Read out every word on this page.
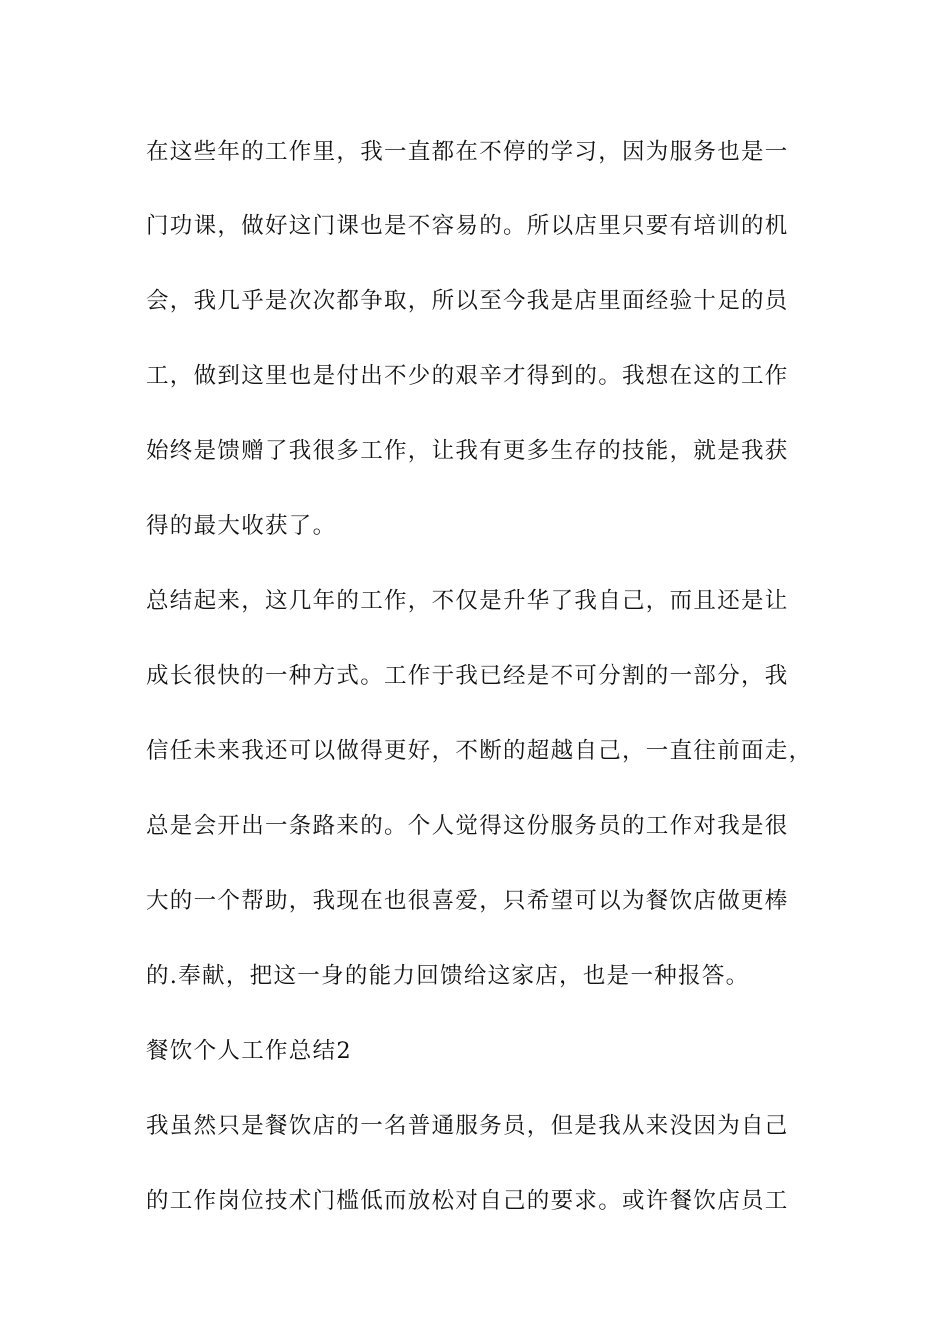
在这些年的工作里，我一直都在不停的学习，因为服务也是一
门功课，做好这门课也是不容易的。所以店里只要有培训的机
会，我几乎是次次都争取，所以至今我是店里面经验十足的员
工，做到这里也是付出不少的艰辛才得到的。我想在这的工作
始终是馈赠了我很多工作，让我有更多生存的技能，就是我获
得的最大收获了。
总结起来，这几年的工作，不仅是升华了我自己，而且还是让
成长很快的一种方式。工作于我已经是不可分割的一部分，我
信任未来我还可以做得更好，不断的超越自己，一直往前面走，
总是会开出一条路来的。个人觉得这份服务员的工作对我是很
大的一个帮助，我现在也很喜爱，只希望可以为餐饮店做更棒
的.奉献，把这一身的能力回馈给这家店，也是一种报答。
餐饮个人工作总结2
我虽然只是餐饮店的一名普通服务员，但是我从来没因为自己
的工作岗位技术门槛低而放松对自己的要求。或许餐饮店员工
